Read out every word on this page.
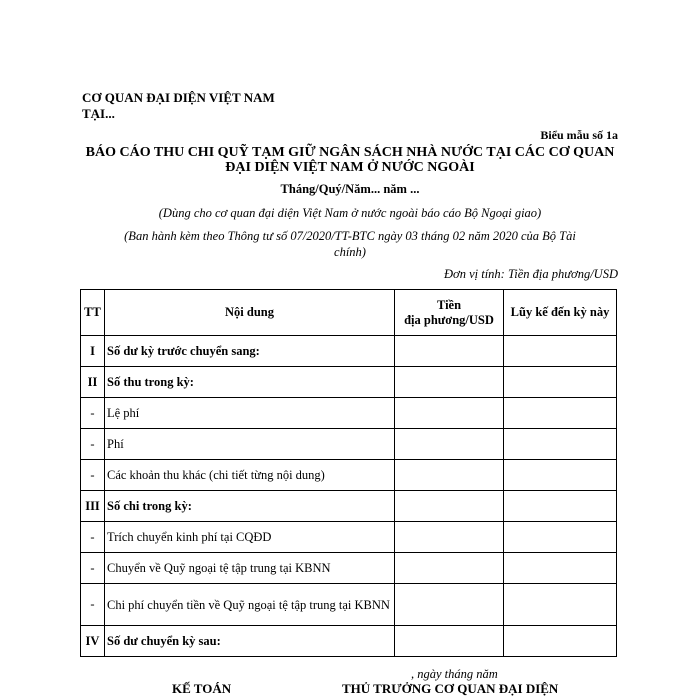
CƠ QUAN ĐẠI DIỆN VIỆT NAM
TẠI...
Biểu mẫu số 1a
BÁO CÁO THU CHI QUỸ TẠM GIỮ NGÂN SÁCH NHÀ NƯỚC TẠI CÁC CƠ QUAN
ĐẠI DIỆN VIỆT NAM Ở NƯỚC NGOÀI
Tháng/Quý/Năm... năm ...
(Dùng cho cơ quan đại diện Việt Nam ở nước ngoài báo cáo Bộ Ngoại giao)
(Ban hành kèm theo Thông tư số 07/2020/TT-BTC ngày 03 tháng 02 năm 2020 của Bộ Tài
chính)
Đơn vị tính: Tiền địa phương/USD
TT	Nội dung	Tiền
địa phương/USD	Lũy kế đến kỳ này
I	Số dư kỳ trước chuyển sang:		
II	Số thu trong kỳ:		
-	Lệ phí		
-	Phí		
-	Các khoản thu khác (chi tiết từng nội dung)		
III	Số chi trong kỳ:		
-	Trích chuyển kinh phí tại CQĐD		
-	Chuyển về Quỹ ngoại tệ tập trung tại KBNN		
-	Chi phí chuyển tiền về Quỹ ngoại tệ tập trung tại KBNN		
IV	Số dư chuyển kỳ sau:		
, ngày tháng năm
KẾ TOÁN	THỦ TRƯỞNG CƠ QUAN ĐẠI DIỆN
